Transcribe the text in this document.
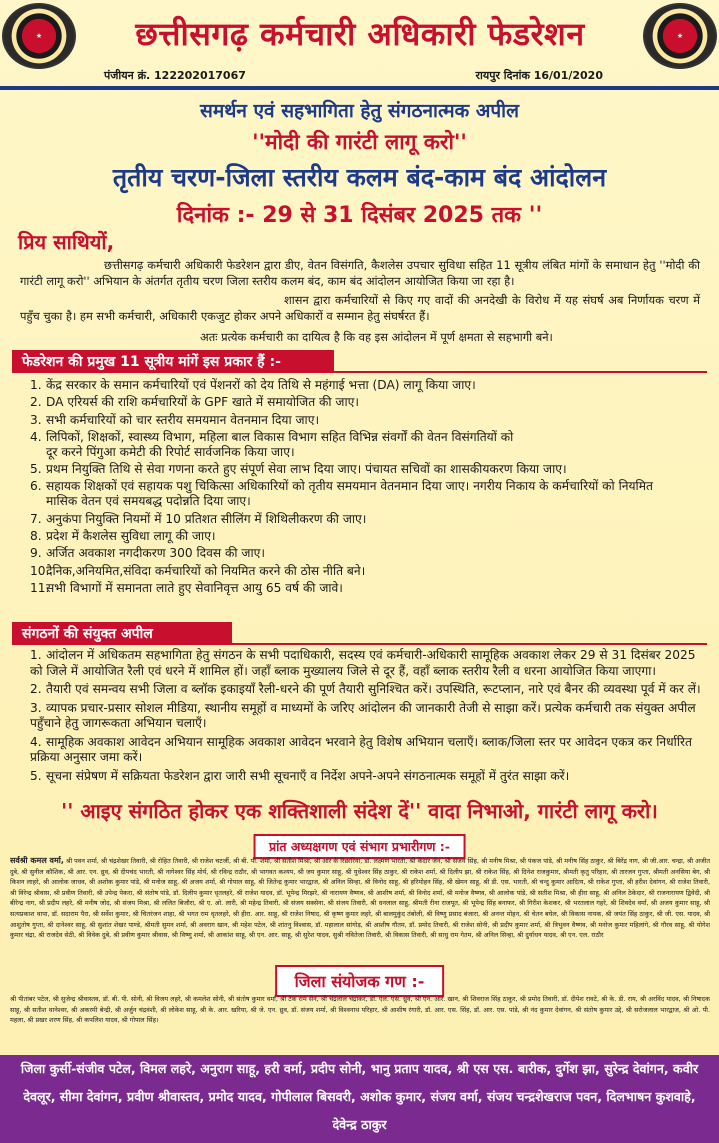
★	★
छत्तीसगढ़ कर्मचारी अधिकारी फेडरेशन
पंजीयन क्रं. 122202017067	रायपुर दिनांक 16/01/2020
समर्थन एवं सहभागिता हेतु संगठनात्मक अपील
''मोदी की गारंटी लागू करो''
तृतीय चरण-जिला स्तरीय कलम बंद-काम बंद आंदोलन
दिनांक :- 29 से 31 दिसंबर 2025 तक ''
प्रिय साथियों,

छत्तीसगढ़ कर्मचारी अधिकारी फेडरेशन द्वारा डीए, वेतन विसंगति, कैशलेस उपचार सुविधा सहित 11 सूत्रीय लंबित मांगों के समाधान हेतु ''मोदी की गारंटी लागू करो'' अभियान के अंतर्गत तृतीय चरण जिला स्तरीय कलम बंद, काम बंद आंदोलन आयोजित किया जा रहा है।

शासन द्वारा कर्मचारियों से किए गए वादों की अनदेखी के विरोध में यह संघर्ष अब निर्णायक चरण में पहुँच चुका है। हम सभी कर्मचारी, अधिकारी एकजुट होकर अपने अधिकारों व सम्मान हेतु संघर्षरत हैं।

अतः प्रत्येक कर्मचारी का दायित्व है कि वह इस आंदोलन में पूर्ण क्षमता से सहभागी बने।

फेडरेशन की प्रमुख 11 सूत्रीय मांगें इस प्रकार हैं :-
1. केंद्र सरकार के समान कर्मचारियों एवं पेंशनरों को देय तिथि से महंगाई भत्ता (DA) लागू किया जाए।
2. DA एरियर्स की राशि कर्मचारियों के GPF खाते में समायोजित की जाए।
3. सभी कर्मचारियों को चार स्तरीय समयमान वेतनमान दिया जाए।
4. लिपिकों, शिक्षकों, स्वास्थ्य विभाग, महिला बाल विकास विभाग सहित विभिन्न संवर्गों की वेतन विसंगतियों को
दूर करने पिंगुआ कमेटी की रिपोर्ट सार्वजनिक किया जाए।
5. प्रथम नियुक्ति तिथि से सेवा गणना करते हुए संपूर्ण सेवा लाभ दिया जाए। पंचायत सचिवों का शासकीयकरण किया जाए।
6. सहायक शिक्षकों एवं सहायक पशु चिकित्सा अधिकारियों को तृतीय समयमान वेतनमान दिया जाए। नगरीय निकाय के कर्मचारियों को नियमित
मासिक वेतन एवं समयबद्ध पदोन्नति दिया जाए।
7. अनुकंपा नियुक्ति नियमों में 10 प्रतिशत सीलिंग में शिथिलीकरण की जाए।
8. प्रदेश में कैशलेस सुविधा लागू की जाए।
9. अर्जित अवकाश नगदीकरण 300 दिवस की जाए।
10.दैनिक,अनियमित,संविदा कर्मचारियों को नियमित करने की ठोस नीति बने।
11.सभी विभागों में समानता लाते हुए सेवानिवृत्त आयु 65 वर्ष की जावे।
संगठनों की संयुक्त अपील
1. आंदोलन में अधिकतम सहभागिता हेतु संगठन के सभी पदाधिकारी, सदस्य एवं कर्मचारी-अधिकारी सामूहिक अवकाश लेकर 29 से 31 दिसंबर 2025 को जिले में आयोजित रैली एवं धरने में शामिल हों। जहाँ ब्लाक मुख्यालय जिले से दूर हैं, वहाँ ब्लाक स्तरीय रैली व धरना आयोजित किया जाएगा।
2. तैयारी एवं समन्वय सभी जिला व ब्लॉक इकाइयाँ रैली-धरने की पूर्ण तैयारी सुनिश्चित करें। उपस्थिति, रूटप्लान, नारे एवं बैनर की व्यवस्था पूर्व में कर लें।
3. व्यापक प्रचार-प्रसार सोशल मीडिया, स्थानीय समूहों व माध्यमों के जरिए आंदोलन की जानकारी तेजी से साझा करें। प्रत्येक कर्मचारी तक संयुक्त अपील पहुँचाने हेतु जागरूकता अभियान चलाएँ।
4. सामूहिक अवकाश आवेदन अभियान सामूहिक अवकाश आवेदन भरवाने हेतु विशेष अभियान चलाएँ। ब्लाक/जिला स्तर पर आवेदन एकत्र कर निर्धारित प्रक्रिया अनुसार जमा करें।
5. सूचना संप्रेषण में सक्रियता फेडरेशन द्वारा जारी सभी सूचनाएँ व निर्देश अपने-अपने संगठनात्मक समूहों में तुरंत साझा करें।
'' आइए संगठित होकर एक शक्तिशाली संदेश दें'' वादा निभाओ, गारंटी लागू करो।
प्रांत अध्यक्षगण एवं संभाग प्रभारीगण :-

सर्वश्री कमल वर्मा, श्री पवन शर्मा, श्री चंद्रशेखर तिवारी, श्री रोहित तिवारी, श्री राजेश चटर्जी, श्री बी. पी. शर्मा, श्री सतीश मिश्रा, श्री आर के रिछारिया, डॉ. लक्ष्मण भारती, श्री केदार जैन, श्री संजय सिंह, श्री मनीष मिश्रा, श्री पंकज पांडे, श्री मनीष सिंह ठाकुर, श्री बिरेंद्र नाग, श्री जी.आर. चन्द्रा, श्री अजीत दुबे, श्री सुनील कौशिक, श्री आर. एन. ध्रुव, श्री दीपचंद भारती, श्री नागेश्वर सिंह मोर्य, श्री रविन्द्र राठौर, श्री भागवत कश्यप, श्री जय कुमार साहू, श्री युधेश्वर सिंह ठाकुर, श्री राकेश शर्मा, श्री दिलीप झा, श्री राकेश सिंह, श्री दिनेश राजकुमार, श्रीमती कृतु परिहार, श्री तारजन गुप्ता, श्रीमती अनसिया बेग, श्री किशन लाहरे, श्री आलोक जाधव, श्री अशोक कुमार पांडे, श्री मनोज साहू, श्री अजय शर्मा, श्री गोपाल साहू, श्री जितेन्द्र कुमार भारद्वाज, श्री अनिल सिन्हा, श्री विनोद साहू, श्री हरिमोहन सिंह, श्री खेमन साहू, श्री डी. एस. भारती, श्री चन्दु कुमार आदित्य, श्री राकेश गुप्ता, श्री हरीश देवांगन, श्री राजेश तिवारी, श्री विरेन्द्र श्रीवास, श्री प्रवीण तिवारी, श्री उपेन्द्र पेकरा, श्री संतोष पांडे, डॉ. दिलीप कुमार धृतलहरे, श्री राजेश यादव, डॉ. भूपेन्द्र मिरझरे, श्री नारायण वैष्णव, श्री आशीष शर्मा, श्री विनोद शर्मा, श्री मनोज वैष्णव, श्री आलोक पांडे, श्री सतीश मिश्रा, श्री हीरा साहू, श्री अनिल ठेकेदार, श्री राजनारायण द्विवेदी, श्री बीरेन्द्र नाग, श्री प्रदीप लहरे, श्री मनीष जोद, श्री संजय मिश्रा, श्री ललित बिजौरा, श्री ए. ओ. लारी, श्री महेन्द्र तिवारी, श्री संजय सक्सेना, श्री संजय तिवारी, श्री धनलाल साहू, श्रीमती रीना राजपूत, श्री भूपेन्द्र सिंह बनाफर, श्री गिरीश केशकर, श्री भरतलाल गहरे, श्री शिवदेव वर्मा, श्री अजय कुमार साहू, श्री सत्यप्रकाश थापा, डॉ. सदाराम पैरा, श्री सर्वेश कुमार, श्री चितरंजन शाहा, श्री भगत राम धृतलहरे, श्री हीरा. आर. साहू, श्री राजेश निषाद, श्री कृष्ण कुमार लहरे, श्री बालमुकुंद तंबोली, श्री विष्णु प्रसाद बंजारा, श्री अनन्त मोहन, श्री चेतन बघेल, श्री विकास नायक, श्री जयंत सिंह ठाकुर, श्री जी. एस. यादव, श्री आशुतोष गुप्ता, श्री दानेश्वर साहू, श्री सुशांत शेखर पाण्डे, श्रीमती सुमन शर्मा, श्री अवराग खान, श्री महेश पटेल, श्री शांतनु विश्वास, डॉ. महालाल सांगोड़, श्री आशीष गौतम, डॉ. प्रमोद तिवारी, श्री राजेश सोनी, श्री प्रदीप कुमार शर्मा, श्री त्रिभुवन वैष्णव, श्री मनोज कुमार महिलांगे, श्री गौरव साहू, श्री योगेश कुमार चंद्रा, श्री राजदेव सेठी, श्री विवेक दुबे, श्री प्रवीण कुमार श्रीवास, श्री विष्णु शर्मा, श्री आकांश साहू, श्री एन. आर. साहू, श्री सुरेश यादव, सुश्री नवितेजा तिवारी, श्री विकास तिवारी, श्री साधु राम गेतम, श्री अनिल सिन्हा, श्री दुर्याधन यादव, श्री एन. एल. राठौर

जिला संयोजक गण :-

श्री पीतांबर पटेल, श्री सुजेन्द्र श्रीवास्तव, डॉ. बी. पी. सोनी, श्री विजय लहरे, श्री कमलेश सोनी, श्री संतोष कुमार वर्मा, श्री टेक राम सेन, श्री चंद्रलाल चंद्राकर, डॉ. एल. एस. ध्रुव, श्री एन. आर. खान, श्री शिवराज सिंह ठाकुर, श्री प्रमोद तिवारी, डॉ. दीपेश रावटे, श्री के. डी. राय, श्री अरविंद यादव, श्री निषादक साहू, श्री सतीश थानेश्वर, श्री अकरमी बेन्द्री, श्री अर्जुन चंद्रवंशी, श्री लोकेश साहू, श्री के. आर. खरिया, श्री जे. एन. ध्रुव, डॉ. संजय शर्मा, श्री विश्वनाथ परिहार, श्री आशीष रंगारी, डॉ. आर. एस. सिंह, डॉ. आर. एस. पांडे, श्री नंद कुमार देवांगन, श्री संतोष कुमार उद्दे, श्री सरोजलाल भारद्वाज, श्री ओ. पी. महला, श्री प्रखर शरण सिंह, श्री कपलिश यादव, श्री गोपाल सिंह।

जिला कुर्सी-संजीव पटेल, विमल लहरे, अनुराग साहू, हरी वर्मा, प्रदीप सोनी, भानु प्रताप यादव, श्री एस एस. बारीक, दुर्गेश झा, सुरेन्द्र देवांगन, कवीर देवलूर, सीमा देवांगन, प्रवीण श्रीवास्तव, प्रमोद यादव, गोपीलाल बिसवरी, अशोक कुमार, संजय वर्मा, संजय चन्द्रशेखराज पवन, दिलभाषन कुशवाहे, देवेन्द्र ठाकुर
